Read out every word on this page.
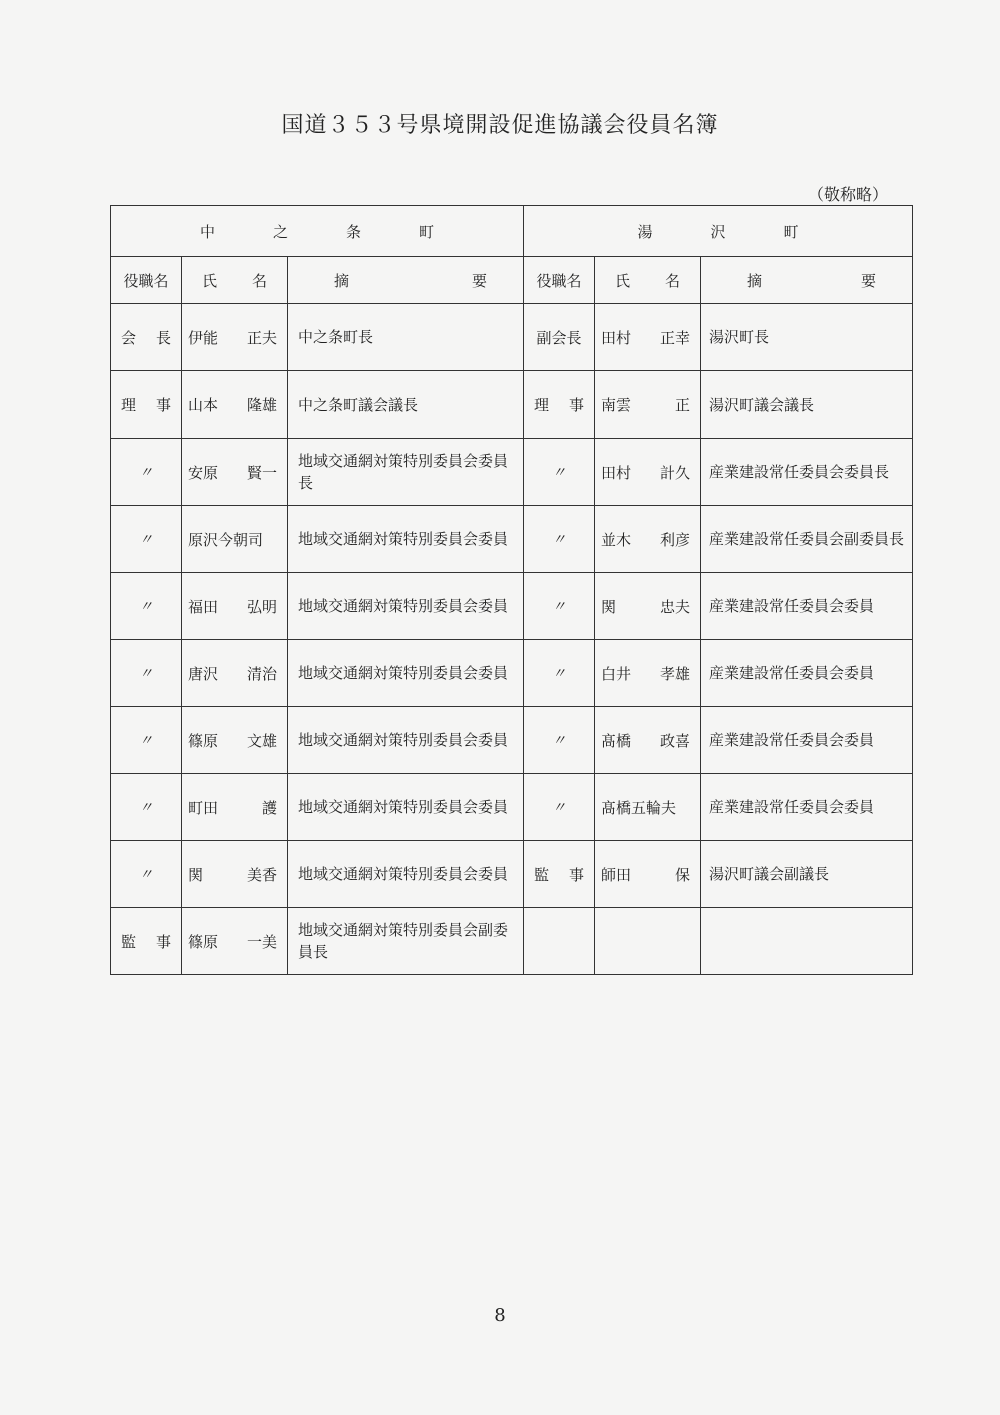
国道３５３号県境開設促進協議会役員名簿
（敬称略）
中之条町			湯沢町		
役職名	氏 名	摘 要	役職名	氏 名	摘 要

会 長	伊能 正夫	中之条町長	副会長	田村 正幸	湯沢町長

理 事	山本 隆雄	中之条町議会議長	理 事	南雲 正	湯沢町議会議長
〃	安原 賢一	地域交通網対策特別委員会委員長	〃	田村 計久	産業建設常任委員会委員長
〃	原沢今朝司	地域交通網対策特別委員会委員	〃	並木 利彦	産業建設常任委員会副委員長
〃	福田 弘明	地域交通網対策特別委員会委員	〃	関 忠夫	産業建設常任委員会委員
〃	唐沢 清治	地域交通網対策特別委員会委員	〃	白井 孝雄	産業建設常任委員会委員
〃	篠原 文雄	地域交通網対策特別委員会委員	〃	髙橋 政喜	産業建設常任委員会委員
〃	町田 護	地域交通網対策特別委員会委員	〃	髙橋五輪夫	産業建設常任委員会委員
〃	関 美香	地域交通網対策特別委員会委員	監 事	師田 保	湯沢町議会副議長

監 事	篠原 一美	地域交通網対策特別委員会副委員長		

8
